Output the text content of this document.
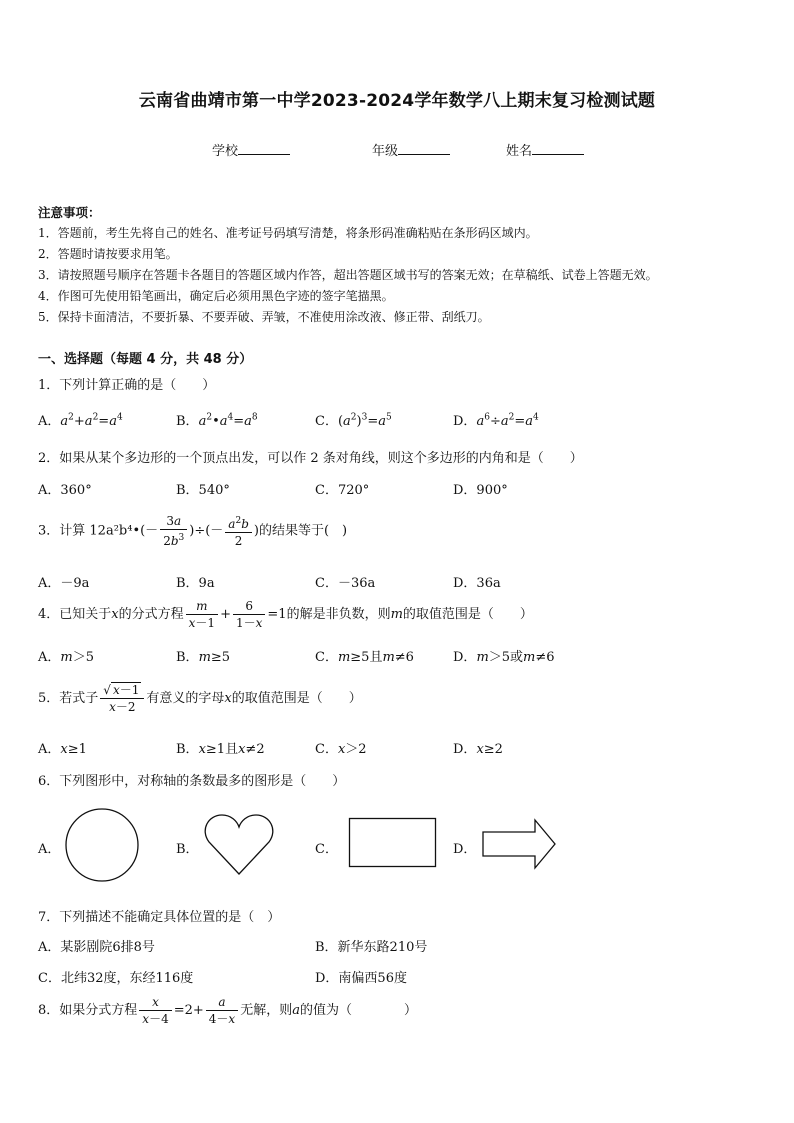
云南省曲靖市第一中学2023-2024学年数学八上期末复习检测试题
学校	年级	姓名
注意事项：
1．答题前，考生先将自己的姓名、准考证号码填写清楚，将条形码准确粘贴在条形码区域内。
2．答题时请按要求用笔。
3．请按照题号顺序在答题卡各题目的答题区域内作答，超出答题区域书写的答案无效；在草稿纸、试卷上答题无效。
4．作图可先使用铅笔画出，确定后必须用黑色字迹的签字笔描黑。
5．保持卡面清洁，不要折暴、不要弄破、弄皱，不准使用涂改液、修正带、刮纸刀。
一、选择题（每题 4 分，共 48 分）
1．下列计算正确的是（　　）
A．$a^2+a^2=a^4$	B．$a^2•a^4=a^8$	C．$(a^2)^3=a^5$	D．$a^6\div a^2=a^4$
2．如果从某个多边形的一个顶点出发，可以作 2 条对角线，则这个多边形的内角和是（　　）
A．360°	B．540°	C．720°	D．900°
3．计算 12a²b⁴•(－ $\frac{3a}{2b^3}$ )÷(－ $\frac{a^2b}{2}$ )的结果等于(　)
A．－9a	B．9a	C．－36a	D．36a
4．已知关于x的分式方程 $\frac{m}{x-1} + \frac{6}{1-x} =1$的解是非负数，则m的取值范围是（　　）
A．m＞5	B．m≥5	C．m≥5且m≠6	D．m＞5或m≠6
5．若式子 $\frac{√ x-1}{x-2}$ 有意义的字母x的取值范围是（　　）
A．x≥1	B．x≥1且x≠2	C．x＞2	D．x≥2
6．下列图形中，对称轴的条数最多的图形是（　　）
A．	B．	C．	D．
7．下列描述不能确定具体位置的是（　）
A．某影剧院6排8号	B．新华东路210号
C．北纬32度，东经116度	D．南偏西56度
8．如果分式方程 $\frac{x}{x-4} =2+ \frac{a}{4-x}$ 无解，则a的值为（　　　　）
